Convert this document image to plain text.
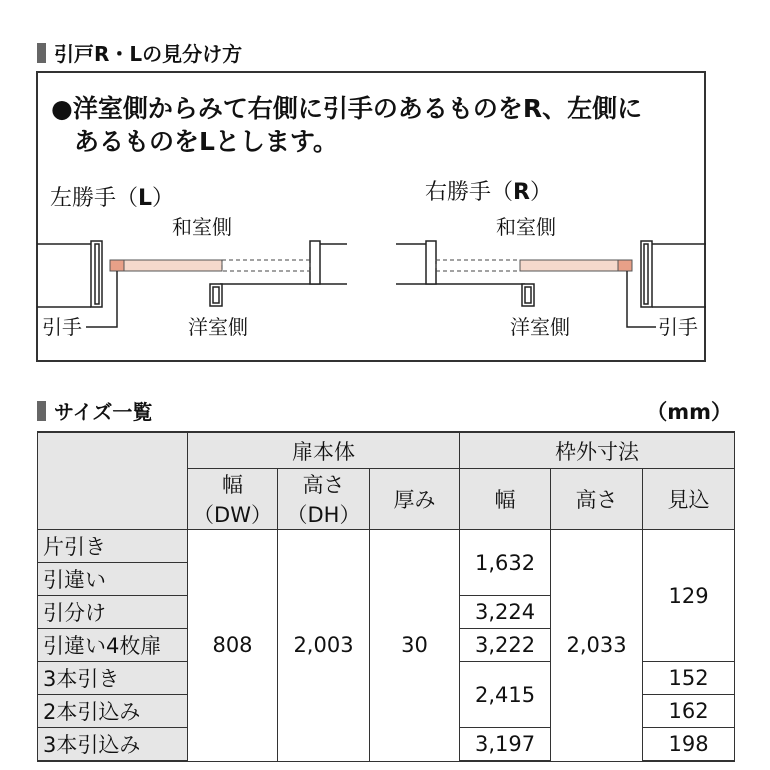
引戸R・Lの見分け方
●洋室側からみて右側に引手のあるものをR、左側に
あるものをLとします。
左勝手（L）
和室側
洋室側
引手
右勝手（R）
和室側
洋室側	引手
サイズ一覧	（mm）
	扉本体			枠外寸法		
	幅（DW）	高さ（DH）	厚み	幅	高さ	見込
片引き	808	2,003	30	1,632	2,033	129
引違い						
引分け				3,224		
引違い4枚扉				3,222		
3本引き				2,415		152
2本引込み						162
3本引込み				3,197		198
